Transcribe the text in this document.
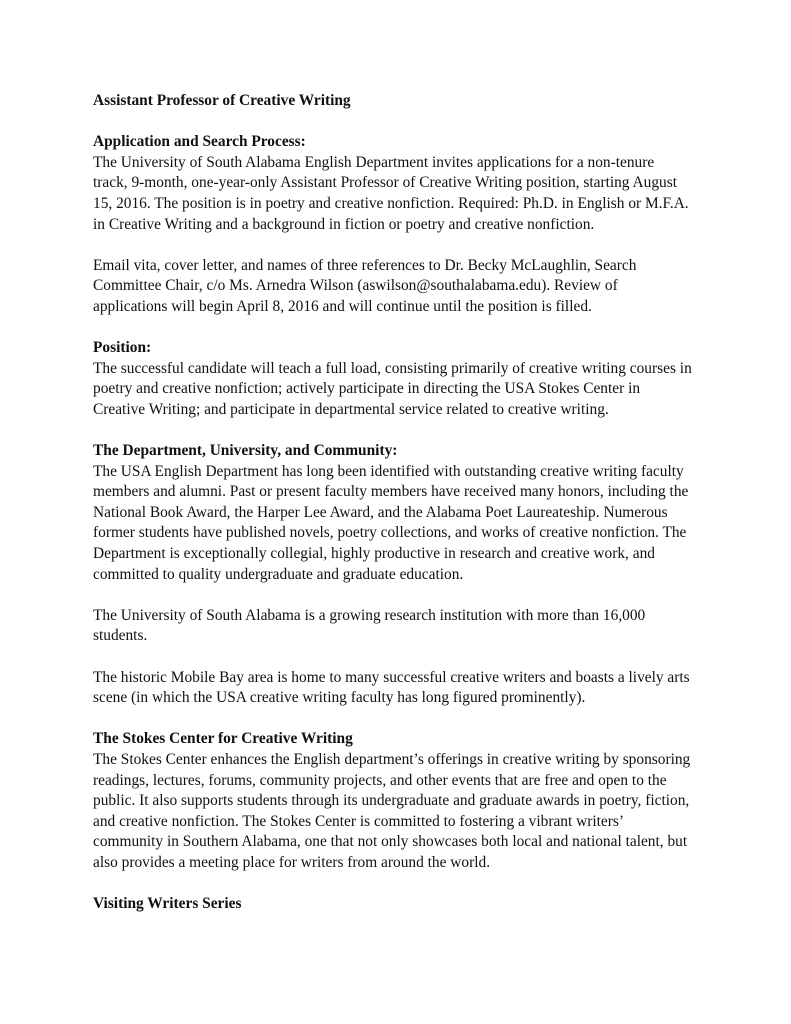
Assistant Professor of Creative Writing
Application and Search Process:
The University of South Alabama English Department invites applications for a non-tenure
track, 9-month, one-year-only Assistant Professor of Creative Writing position, starting August
15, 2016. The position is in poetry and creative nonfiction. Required: Ph.D. in English or M.F.A.
in Creative Writing and a background in fiction or poetry and creative nonfiction.
Email vita, cover letter, and names of three references to Dr. Becky McLaughlin, Search
Committee Chair, c/o Ms. Arnedra Wilson (aswilson@southalabama.edu). Review of
applications will begin April 8, 2016 and will continue until the position is filled.
Position:
The successful candidate will teach a full load, consisting primarily of creative writing courses in
poetry and creative nonfiction; actively participate in directing the USA Stokes Center in
Creative Writing; and participate in departmental service related to creative writing.
The Department, University, and Community:
The USA English Department has long been identified with outstanding creative writing faculty
members and alumni. Past or present faculty members have received many honors, including the
National Book Award, the Harper Lee Award, and the Alabama Poet Laureateship. Numerous
former students have published novels, poetry collections, and works of creative nonfiction. The
Department is exceptionally collegial, highly productive in research and creative work, and
committed to quality undergraduate and graduate education.
The University of South Alabama is a growing research institution with more than 16,000
students.
The historic Mobile Bay area is home to many successful creative writers and boasts a lively arts
scene (in which the USA creative writing faculty has long figured prominently).
The Stokes Center for Creative Writing
The Stokes Center enhances the English department’s offerings in creative writing by sponsoring
readings, lectures, forums, community projects, and other events that are free and open to the
public. It also supports students through its undergraduate and graduate awards in poetry, fiction,
and creative nonfiction. The Stokes Center is committed to fostering a vibrant writers’
community in Southern Alabama, one that not only showcases both local and national talent, but
also provides a meeting place for writers from around the world.
Visiting Writers Series
